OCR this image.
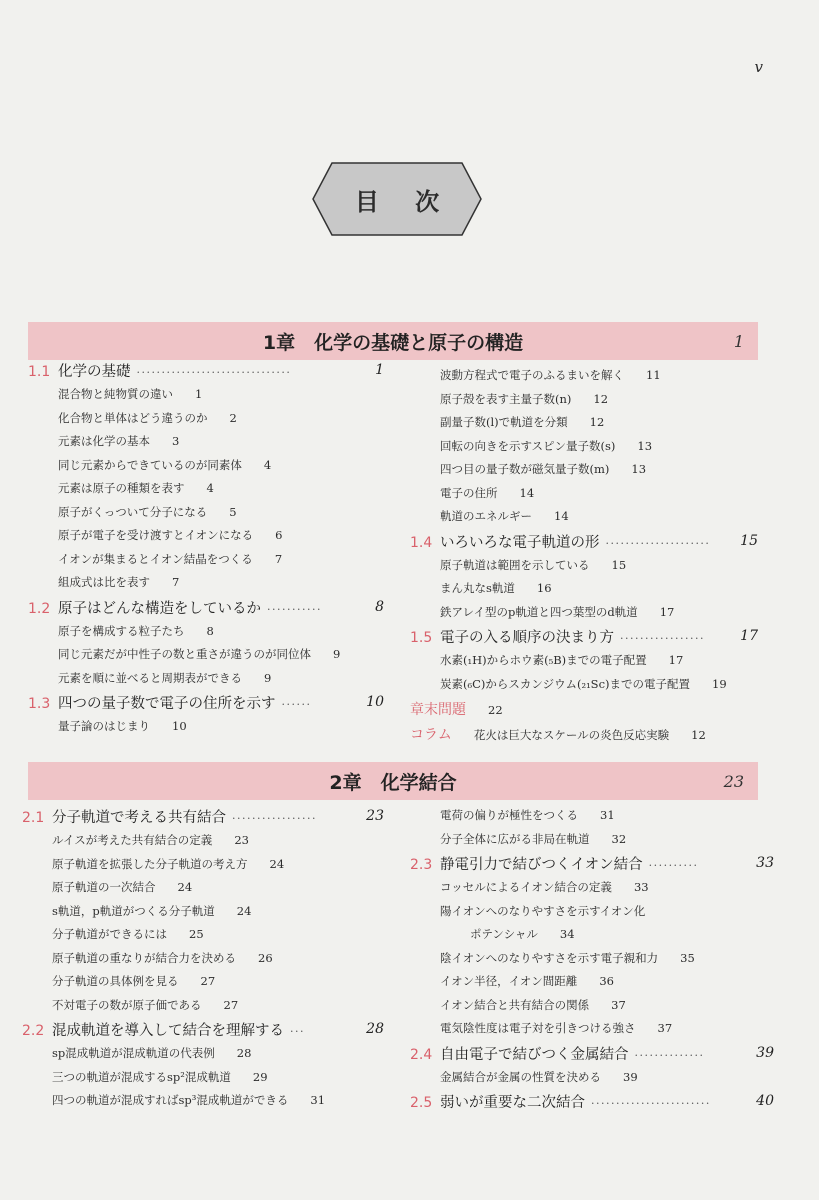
v
目 次
1章　化学の基礎と原子の構造	1
1.1 化学の基礎 ·······························	1
混合物と純物質の違い 1
化合物と単体はどう違うのか 2
元素は化学の基本 3
同じ元素からできているのが同素体 4
元素は原子の種類を表す 4
原子がくっついて分子になる 5
原子が電子を受け渡すとイオンになる 6
イオンが集まるとイオン結晶をつくる 7
組成式は比を表す 7
1.2 原子はどんな構造をしているか ···········	8
原子を構成する粒子たち 8
同じ元素だが中性子の数と重さが違うのが同位体 9
元素を順に並べると周期表ができる 9
1.3 四つの量子数で電子の住所を示す ······	10
量子論のはじまり 10
波動方程式で電子のふるまいを解く 11
原子殻を表す主量子数(n) 12
副量子数(l)で軌道を分類 12
回転の向きを示すスピン量子数(s) 13
四つ目の量子数が磁気量子数(m) 13
電子の住所 14
軌道のエネルギー 14
1.4 いろいろな電子軌道の形 ····················· 15
原子軌道は範囲を示している 15
まん丸なs軌道 16
鉄アレイ型のp軌道と四つ葉型のd軌道 17
1.5 電子の入る順序の決まり方 ·················	17
水素(₁H)からホウ素(₅B)までの電子配置 17
炭素(₆C)からスカンジウム(₂₁Sc)までの電子配置 19
章末問題 22
コラム 花火は巨大なスケールの炎色反応実験 12
2章　化学結合	23
2.1 分子軌道で考える共有結合 ·················	23
ルイスが考えた共有結合の定義 23
原子軌道を拡張した分子軌道の考え方 24
原子軌道の一次結合 24
s軌道，p軌道がつくる分子軌道 24
分子軌道ができるには 25
原子軌道の重なりが結合力を決める 26
分子軌道の具体例を見る 27
不対電子の数が原子価である 27
2.2 混成軌道を導入して結合を理解する ···	28
sp混成軌道が混成軌道の代表例 28
三つの軌道が混成するsp²混成軌道 29
四つの軌道が混成すればsp³混成軌道ができる 31
電荷の偏りが極性をつくる 31
分子全体に広がる非局在軌道 32
2.3 静電引力で結びつくイオン結合 ··········	33
コッセルによるイオン結合の定義 33
陽イオンへのなりやすさを示すイオン化
ポテンシャル 34
陰イオンへのなりやすさを示す電子親和力 35
イオン半径，イオン間距離 36
イオン結合と共有結合の関係 37
電気陰性度は電子対を引きつける強さ 37
2.4 自由電子で結びつく金属結合 ··············	39
金属結合が金属の性質を決める 39
2.5 弱いが重要な二次結合 ························	40
